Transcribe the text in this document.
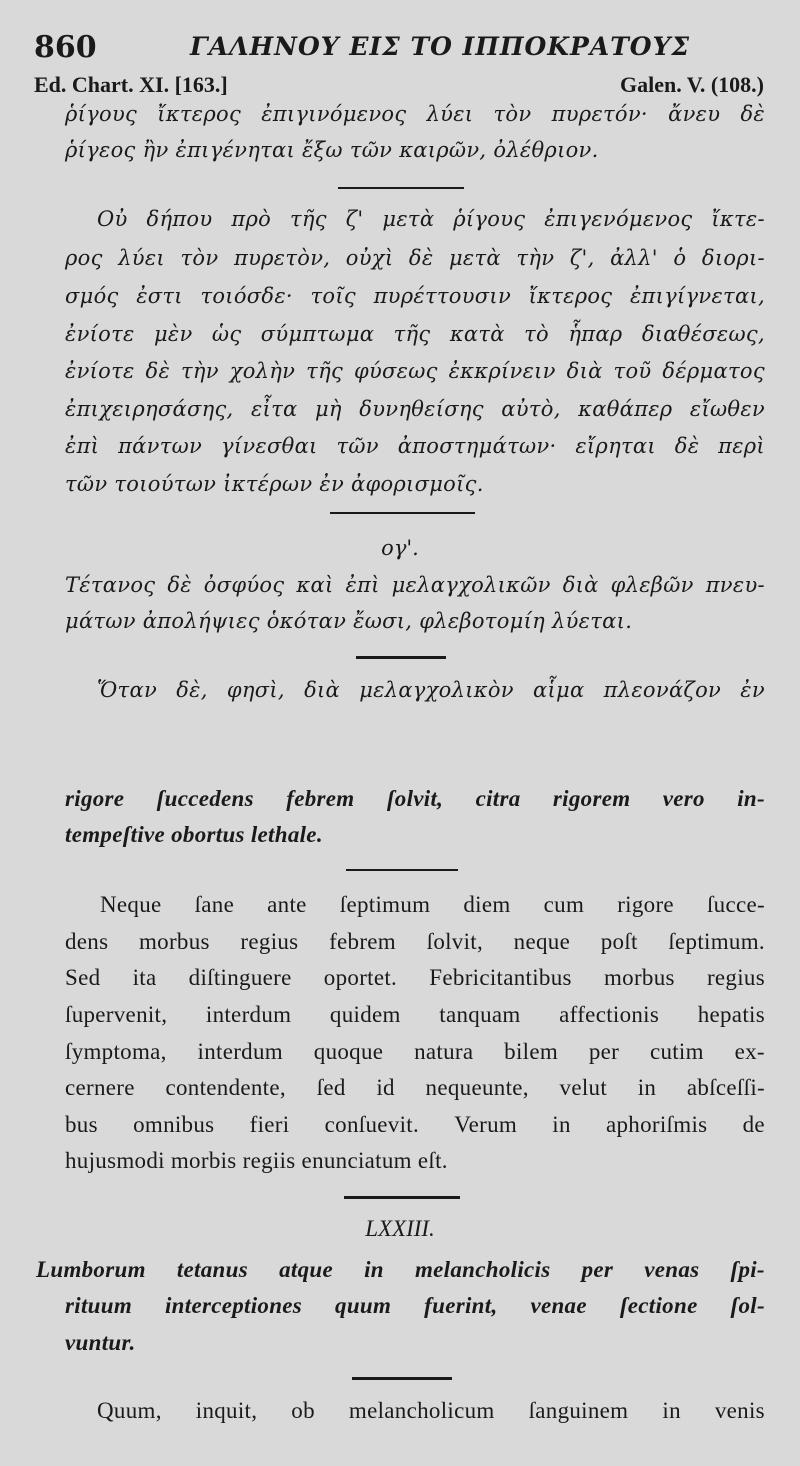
860	ΓΑΛΗΝΟΥ ΕΙΣ ΤΟ ΙΠΠΟΚΡΑΤΟΥΣ
Ed. Chart. XI. [163.]	Galen. V. (108.)
ῥίγους ἴκτερος ἐπιγινόμενος λύει τὸν πυρετόν· ἄνευ δὲ
ῥίγεος ἢν ἐπιγένηται ἔξω τῶν καιρῶν, ὀλέθριον.
Οὐ δήπου πρὸ τῆς ζ' μετὰ ῥίγους ἐπιγενόμενος ἴκτε-
ρος λύει τὸν πυρετὸν, οὐχὶ δὲ μετὰ τὴν ζ', ἀλλ' ὁ διορι-
σμός ἐστι τοιόσδε· τοῖς πυρέττουσιν ἴκτερος ἐπιγίγνεται,
ἐνίοτε μὲν ὡς σύμπτωμα τῆς κατὰ τὸ ἧπαρ διαθέσεως,
ἐνίοτε δὲ τὴν χολὴν τῆς φύσεως ἐκκρίνειν διὰ τοῦ δέρματος
ἐπιχειρησάσης, εἶτα μὴ δυνηθείσης αὐτὸ, καθάπερ εἴωθεν
ἐπὶ πάντων γίνεσθαι τῶν ἀποστημάτων· εἴρηται δὲ περὶ
τῶν τοιούτων ἰκτέρων ἐν ἀφορισμοῖς.
ογ'.
Τέτανος δὲ ὀσφύος καὶ ἐπὶ μελαγχολικῶν διὰ φλεβῶν πνευ-
μάτων ἀπολήψιες ὁκόταν ἔωσι, φλεβοτομίη λύεται.
Ὅταν δὲ, φησὶ, διὰ μελαγχολικὸν αἷμα πλεονάζον ἐν
rigore ſuccedens febrem ſolvit, citra rigorem vero in-
tempeſtive obortus lethale.
Neque ſane ante ſeptimum diem cum rigore ſucce-
dens morbus regius febrem ſolvit, neque poſt ſeptimum.
Sed ita diſtinguere oportet. Febricitantibus morbus regius
ſupervenit, interdum quidem tanquam affectionis hepatis
ſymptoma, interdum quoque natura bilem per cutim ex-
cernere contendente, ſed id nequeunte, velut in abſceſſi-
bus omnibus fieri conſuevit. Verum in aphoriſmis de
hujusmodi morbis regiis enunciatum eſt.
LXXIII.
Lumborum tetanus atque in melancholicis per venas ſpi-
rituum interceptiones quum fuerint, venae ſectione ſol-
vuntur.
Quum, inquit, ob melancholicum ſanguinem in venis
